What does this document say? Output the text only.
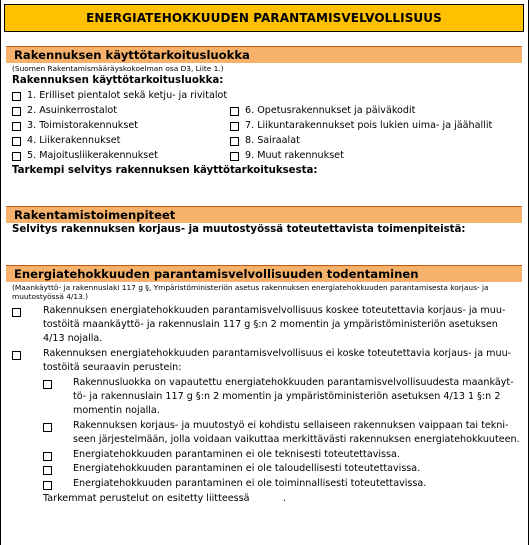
ENERGIATEHOKKUUDEN PARANTAMISVELVOLLISUUS
Rakennuksen käyttötarkoitusluokka
(Suomen Rakentamismääräyskokoelman osa D3, Liite 1.)
Rakennuksen käyttötarkoitusluokka:
1. Erilliset pientalot sekä ketju- ja rivitalot
2. Asuinkerrostalot
3. Toimistorakennukset
4. Liikerakennukset
5. Majoitusliikerakennukset
6. Opetusrakennukset ja päiväkodit
7. Liikuntarakennukset pois lukien uima- ja jäähallit
8. Sairaalat
9. Muut rakennukset
Tarkempi selvitys rakennuksen käyttötarkoituksesta:
Rakentamistoimenpiteet
Selvitys rakennuksen korjaus- ja muutostyössä toteutettavista toimenpiteistä:
Energiatehokkuuden parantamisvelvollisuuden todentaminen
(Maankäyttö- ja rakennuslaki 117 g §, Ympäristöministeriön asetus rakennuksen energiatehokkuuden parantamisesta korjaus- ja
muutostyössä 4/13.)
Rakennuksen energiatehokkuuden parantamisvelvollisuus koskee toteutettavia korjaus- ja muu-
tostöitä maankäyttö- ja rakennuslain 117 g §:n 2 momentin ja ympäristöministeriön asetuksen
4/13 nojalla.
Rakennuksen energiatehokkuuden parantamisvelvollisuus ei koske toteutettavia korjaus- ja muu-
tostöitä seuraavin perustein:
Rakennusluokka on vapautettu energiatehokkuuden parantamisvelvollisuudesta maankäyt-
tö- ja rakennuslain 117 g §:n 2 momentin ja ympäristöministeriön asetuksen 4/13 1 §:n 2
momentin nojalla.
Rakennuksen korjaus- ja muutostyö ei kohdistu sellaiseen rakennuksen vaippaan tai tekni-
seen järjestelmään, jolla voidaan vaikuttaa merkittävästi rakennuksen energiatehokkuuteen.
Energiatehokkuuden parantaminen ei ole teknisesti toteutettavissa.
Energiatehokkuuden parantaminen ei ole taloudellisesti toteutettavissa.
Energiatehokkuuden parantaminen ei ole toiminnallisesti toteutettavissa.
Tarkemmat perustelut on esitetty liitteessä	.
